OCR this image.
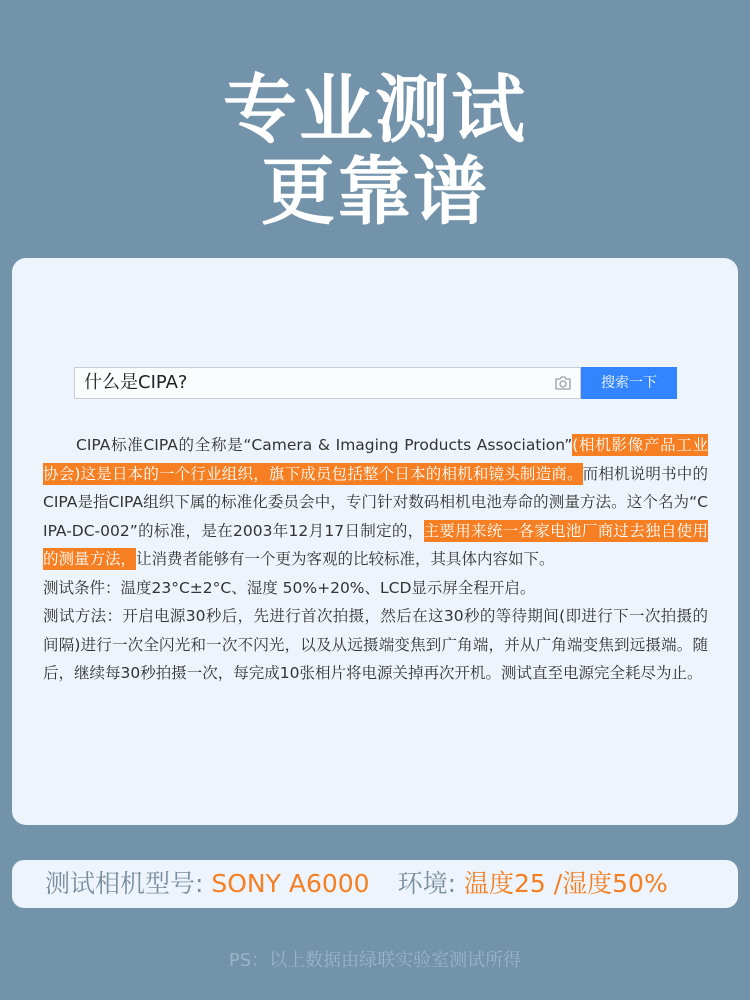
专业测试
更靠谱
什么是CIPA?	搜索一下

CIPA标准CIPA的全称是“Camera & Imaging Products Association”(相机影像产品工业协会)这是日本的一个行业组织，旗下成员包括整个日本的相机和镜头制造商。而相机说明书中的CIPA是指CIPA组织下属的标准化委员会中，专门针对数码相机电池寿命的测量方法。这个名为“CIPA-DC-002”的标准，是在2003年12月17日制定的，主要用来统一各家电池厂商过去独自使用的测量方法，让消费者能够有一个更为客观的比较标准，其具体内容如下。

测试条件：温度23°C±2°C、湿度 50%+20%、LCD显示屏全程开启。

测试方法：开启电源30秒后，先进行首次拍摄，然后在这30秒的等待期间(即进行下一次拍摄的间隔)进行一次全闪光和一次不闪光，以及从远摄端变焦到广角端，并从广角端变焦到远摄端。随后，继续每30秒拍摄一次，每完成10张相片将电源关掉再次开机。测试直至电源完全耗尽为止。

测试相机型号: SONY A6000 环境: 温度25 /湿度50%
PS：以上数据由绿联实验室测试所得
